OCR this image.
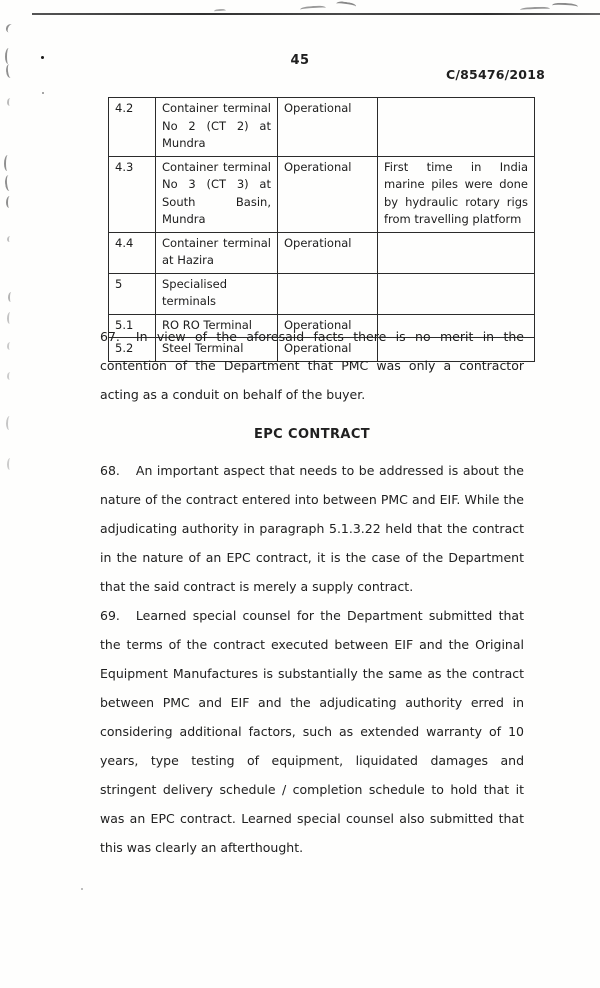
45
C/85476/2018
4.2	Container terminal No 2 (CT 2) at Mundra	Operational	
4.3	Container terminal No 3 (CT 3) at South Basin, Mundra	Operational	First time in India marine piles were done by hydraulic rotary rigs from travelling platform
4.4	Container terminal at Hazira	Operational	
5	Specialised terminals		
5.1	RO RO Terminal	Operational	
5.2	Steel Terminal	Operational	

67. In view of the aforesaid facts there is no merit in the contention of the Department that PMC was only a contractor acting as a conduit on behalf of the buyer.

EPC CONTRACT

68. An important aspect that needs to be addressed is about the nature of the contract entered into between PMC and EIF. While the adjudicating authority in paragraph 5.1.3.22 held that the contract in the nature of an EPC contract, it is the case of the Department that the said contract is merely a supply contract.

69. Learned special counsel for the Department submitted that the terms of the contract executed between EIF and the Original Equipment Manufactures is substantially the same as the contract between PMC and EIF and the adjudicating authority erred in considering additional factors, such as extended warranty of 10 years, type testing of equipment, liquidated damages and stringent delivery schedule / completion schedule to hold that it was an EPC contract. Learned special counsel also submitted that this was clearly an afterthought.
